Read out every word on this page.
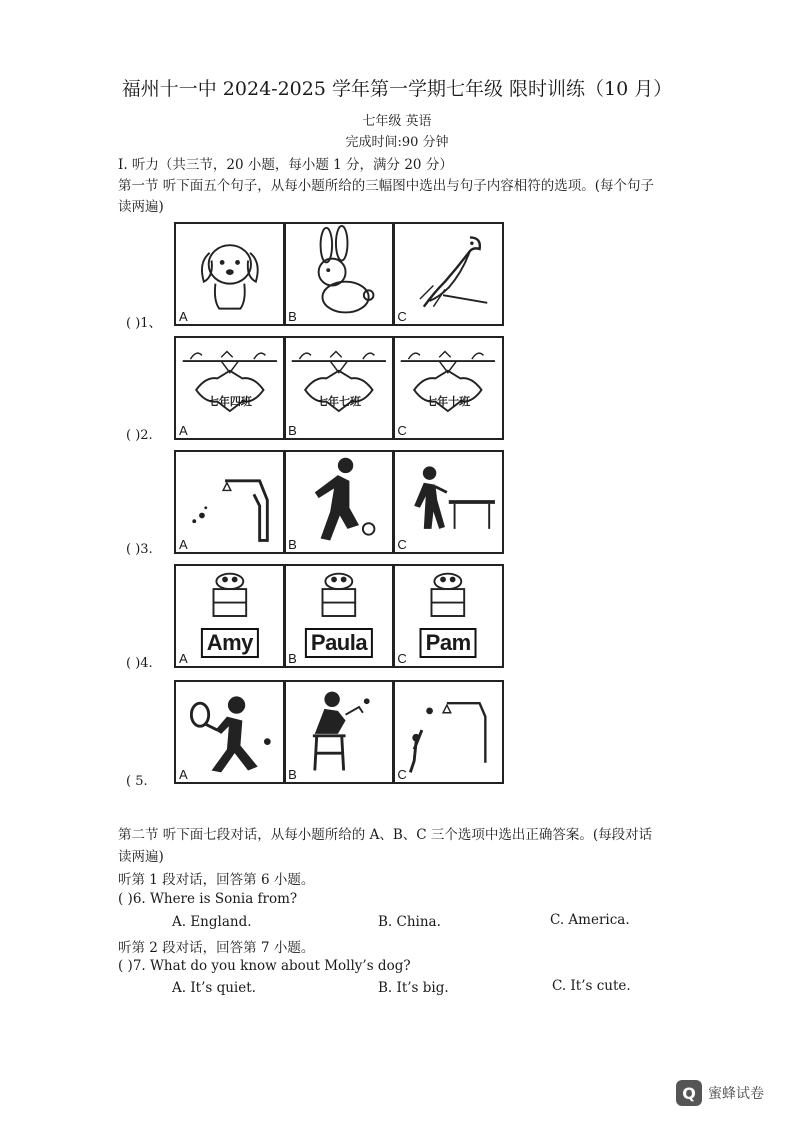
福州十一中 2024-2025 学年第一学期七年级 限时训练（10 月）
七年级 英语
完成时间:90 分钟
I. 听力（共三节，20 小题，每小题 1 分，满分 20 分）
第一节 听下面五个句子，从每小题所给的三幅图中选出与句子内容相符的选项。(每个句子
读两遍)
( )1、 A	B	C
( )2.
七年四班
A
七年七班
B
七年十班
C
( )3. A	B	C
( )4.
Amy
A
Paula
B
Pam
C
( 5. A	B	C
第二节 听下面七段对话，从每小题所给的 A、B、C 三个选项中选出正确答案。(每段对话
读两遍)
听第 1 段对话，回答第 6 小题。
( )6. Where is Sonia from?
A. England.	B. China.	C. America.
听第 2 段对话，回答第 7 小题。
( )7. What do you know about Molly’s dog?
A. It’s quiet.	B. It’s big.	C. It’s cute.
Q 蜜蜂试卷
